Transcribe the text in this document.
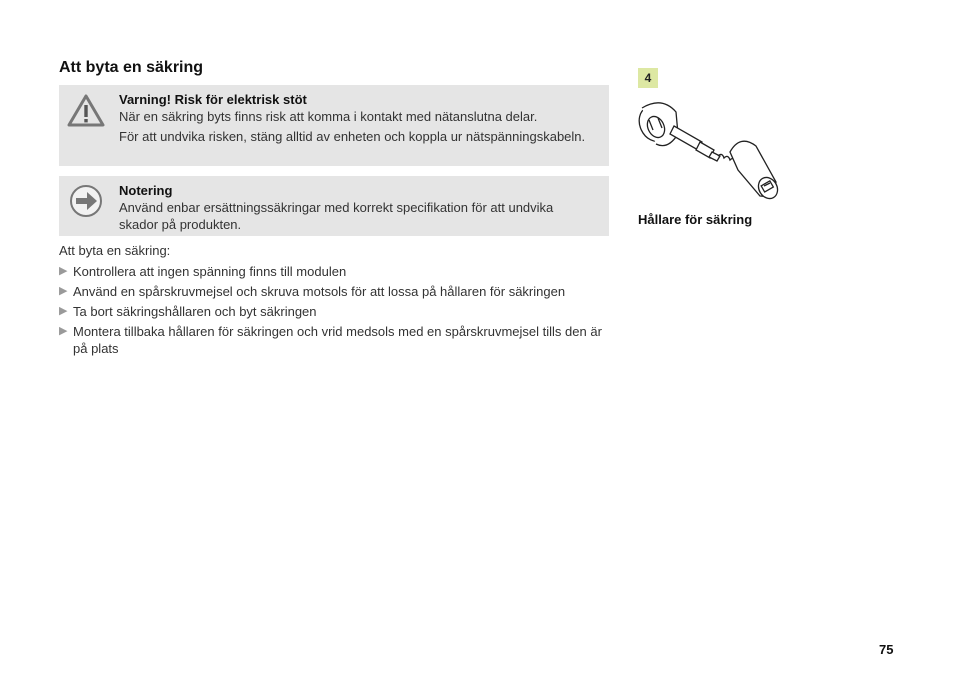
Att byta en säkring
Varning! Risk för elektrisk stöt

När en säkring byts finns risk att komma i kontakt med nätanslutna delar.

För att undvika risken, stäng alltid av enheten och koppla ur nätspänningskabeln.

Notering

Använd enbar ersättningssäkringar med korrekt specifikation för att undvika skador på produkten.

Att byta en säkring:
▶ Kontrollera att ingen spänning finns till modulen
▶ Använd en spårskruvmejsel och skruva motsols för att lossa på hållaren för säkringen
▶ Ta bort säkringshållaren och byt säkringen
▶ Montera tillbaka hållaren för säkringen och vrid medsols med en spårskruvmejsel tills den är på plats
4
Hållare för säkring
75
